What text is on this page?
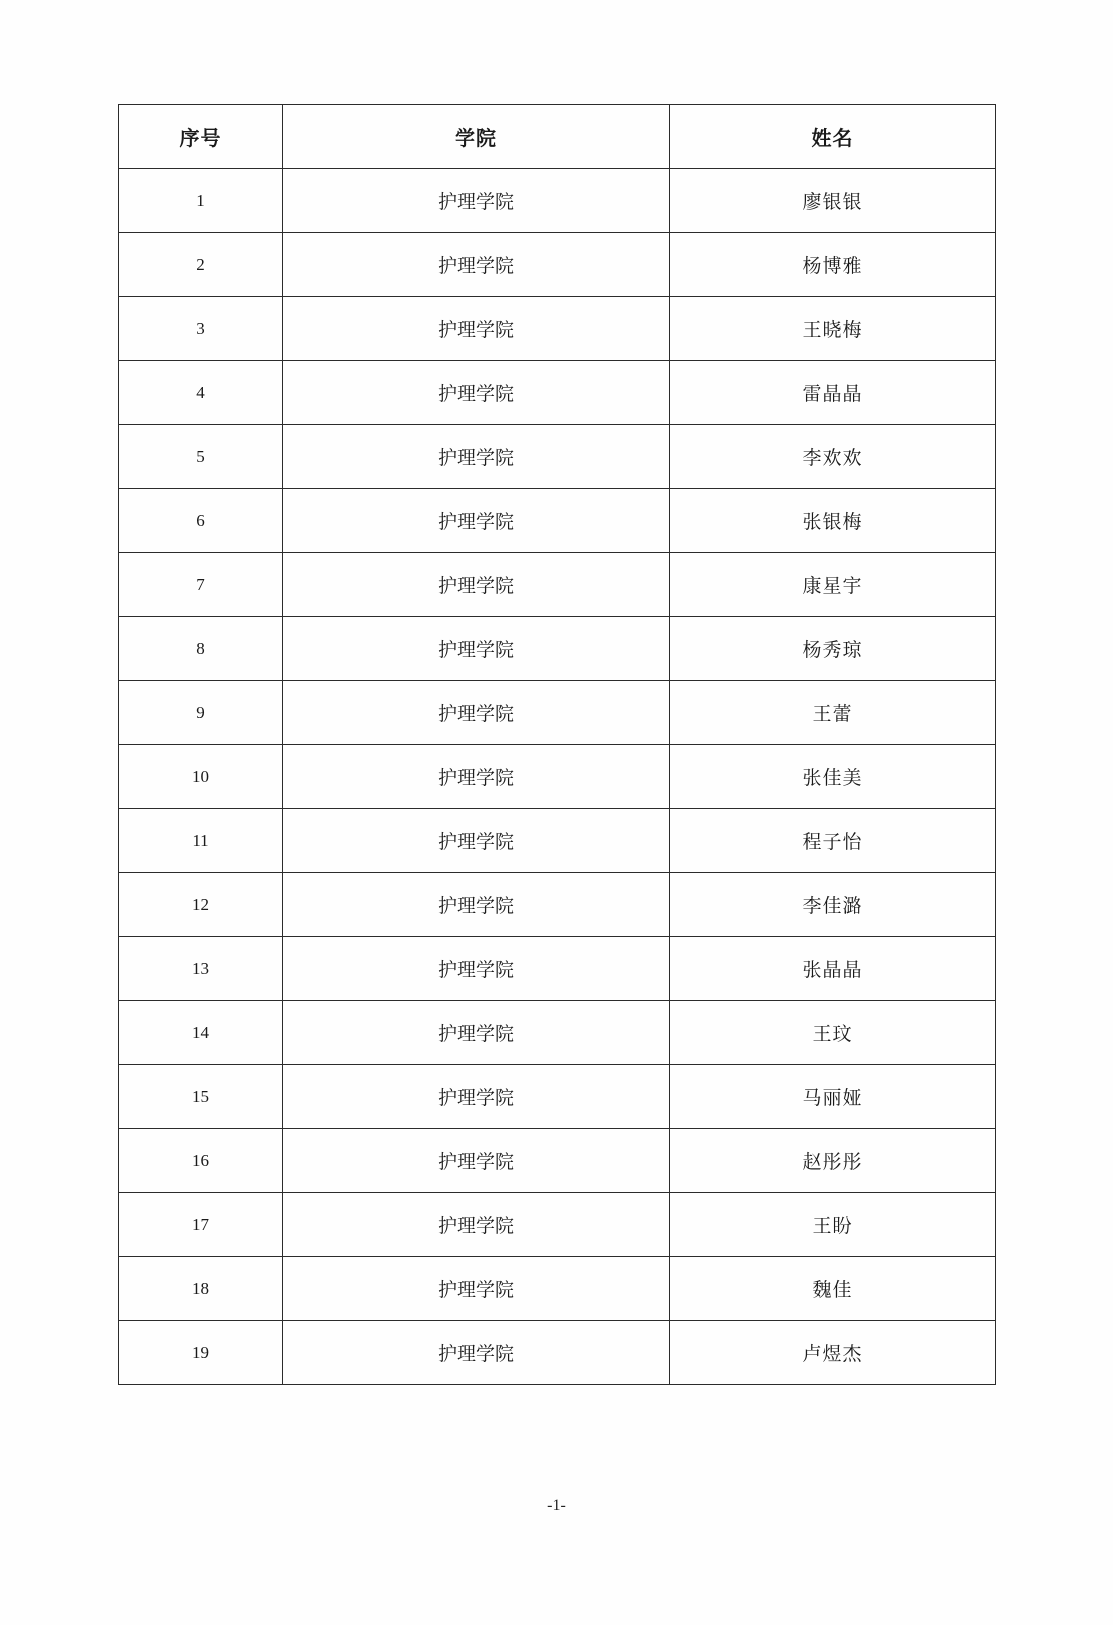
序号	学院	姓名
1	护理学院	廖银银
2	护理学院	杨博雅
3	护理学院	王晓梅
4	护理学院	雷晶晶
5	护理学院	李欢欢
6	护理学院	张银梅
7	护理学院	康星宇
8	护理学院	杨秀琼
9	护理学院	王蕾
10	护理学院	张佳美
11	护理学院	程子怡
12	护理学院	李佳潞
13	护理学院	张晶晶
14	护理学院	王玟
15	护理学院	马丽娅
16	护理学院	赵彤彤
17	护理学院	王盼
18	护理学院	魏佳
19	护理学院	卢煜杰
-1-
